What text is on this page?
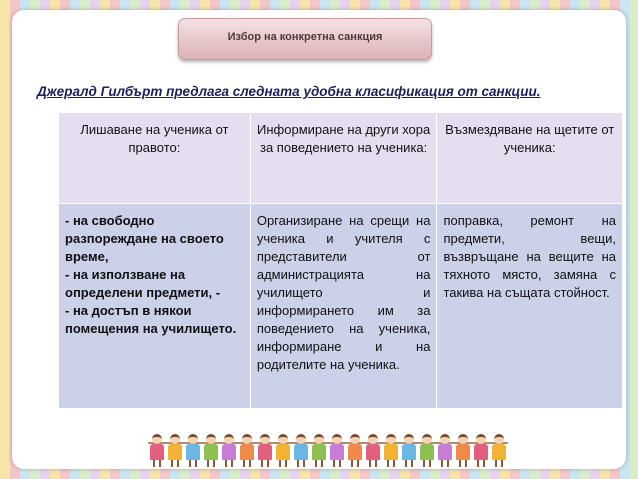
Избор на конкретна санкция
Джералд Гилбърт предлага следната удобна класификация от санкции.
Лишаване на ученика от правото:	Информиране на други хора за поведението на ученика:	Възмездяване на щетите от ученика:

- на свободно разпореждане на своето време,
- на използване на определени предмети, -
- на достъп в някои помещения на училището.	Организиране на срещи на ученика и учителя с представители от администрацията на училището и информирането им за поведението на ученика, информиране и на родителите на ученика.	поправка, ремонт на предмети, вещи, възвръщане на вещите на тяхното място, замяна с такива на същата стойност.
